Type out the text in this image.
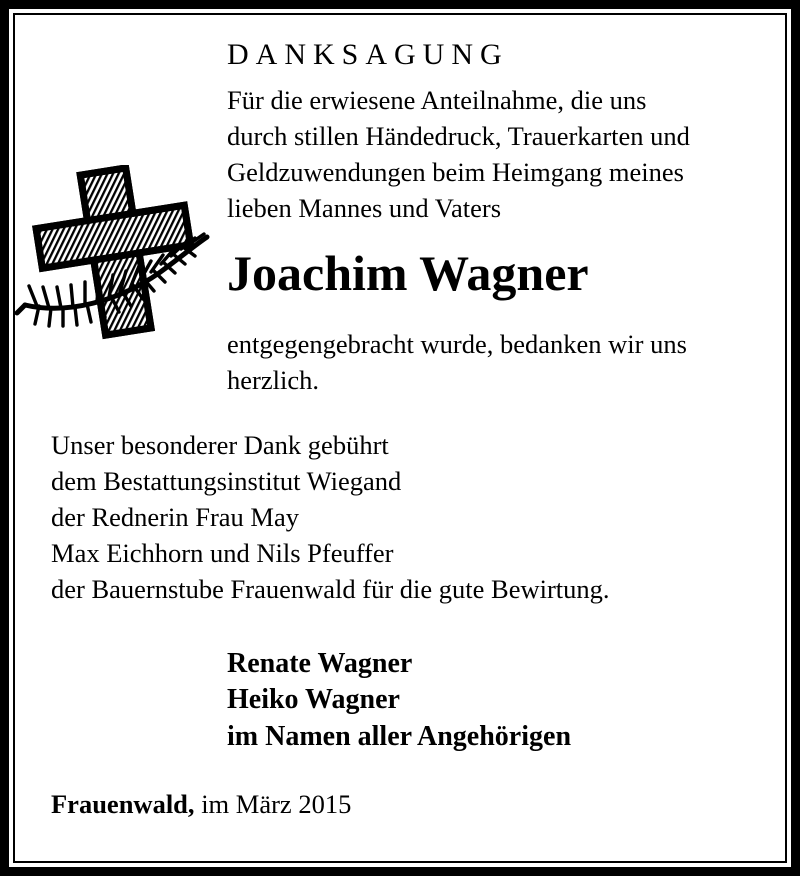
DANKSAGUNG
Für die erwiesene Anteilnahme, die uns
durch stillen Händedruck, Trauerkarten und
Geldzuwendungen beim Heimgang meines
lieben Mannes und Vaters
Joachim Wagner
entgegengebracht wurde, bedanken wir uns
herzlich.
Unser besonderer Dank gebührt
dem Bestattungsinstitut Wiegand
der Rednerin Frau May
Max Eichhorn und Nils Pfeuffer
der Bauernstube Frauenwald für die gute Bewirtung.
Renate Wagner
Heiko Wagner
im Namen aller Angehörigen
Frauenwald, im März 2015
